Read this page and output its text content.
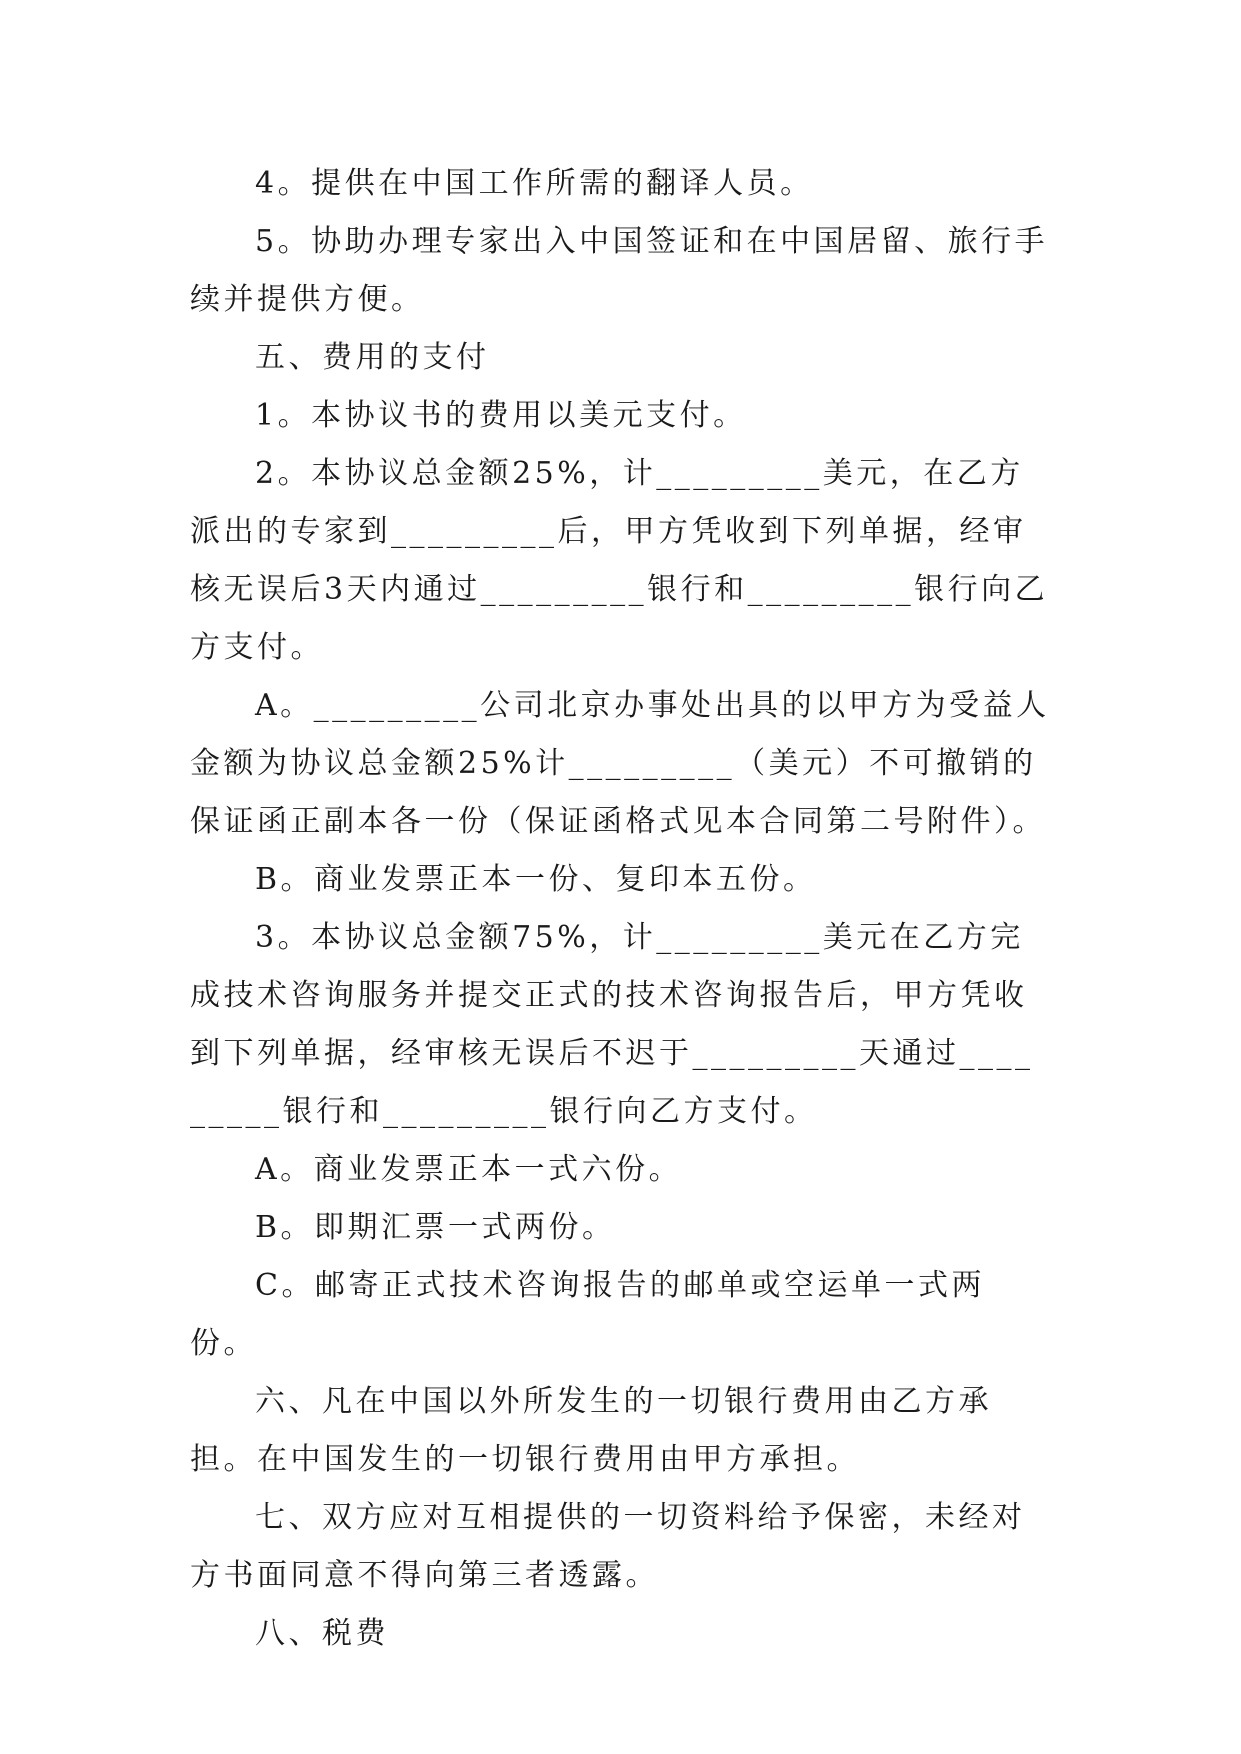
4。提供在中国工作所需的翻译人员。

5。协助办理专家出入中国签证和在中国居留、旅行手续并提供方便。

五、费用的支付

1。本协议书的费用以美元支付。

2。本协议总金额25%，计_________美元，在乙方派出的专家到_________后，甲方凭收到下列单据，经审核无误后3天内通过_________银行和_________银行向乙方支付。

A。_________公司北京办事处出具的以甲方为受益人金额为协议总金额25%计_________（美元）不可撤销的保证函正副本各一份（保证函格式见本合同第二号附件）。

B。商业发票正本一份、复印本五份。

3。本协议总金额75%，计_________美元在乙方完成技术咨询服务并提交正式的技术咨询报告后，甲方凭收到下列单据，经审核无误后不迟于_________天通过_________银行和_________银行向乙方支付。

A。商业发票正本一式六份。

B。即期汇票一式两份。

C。邮寄正式技术咨询报告的邮单或空运单一式两份。

六、凡在中国以外所发生的一切银行费用由乙方承担。在中国发生的一切银行费用由甲方承担。

七、双方应对互相提供的一切资料给予保密，未经对方书面同意不得向第三者透露。

八、税费
